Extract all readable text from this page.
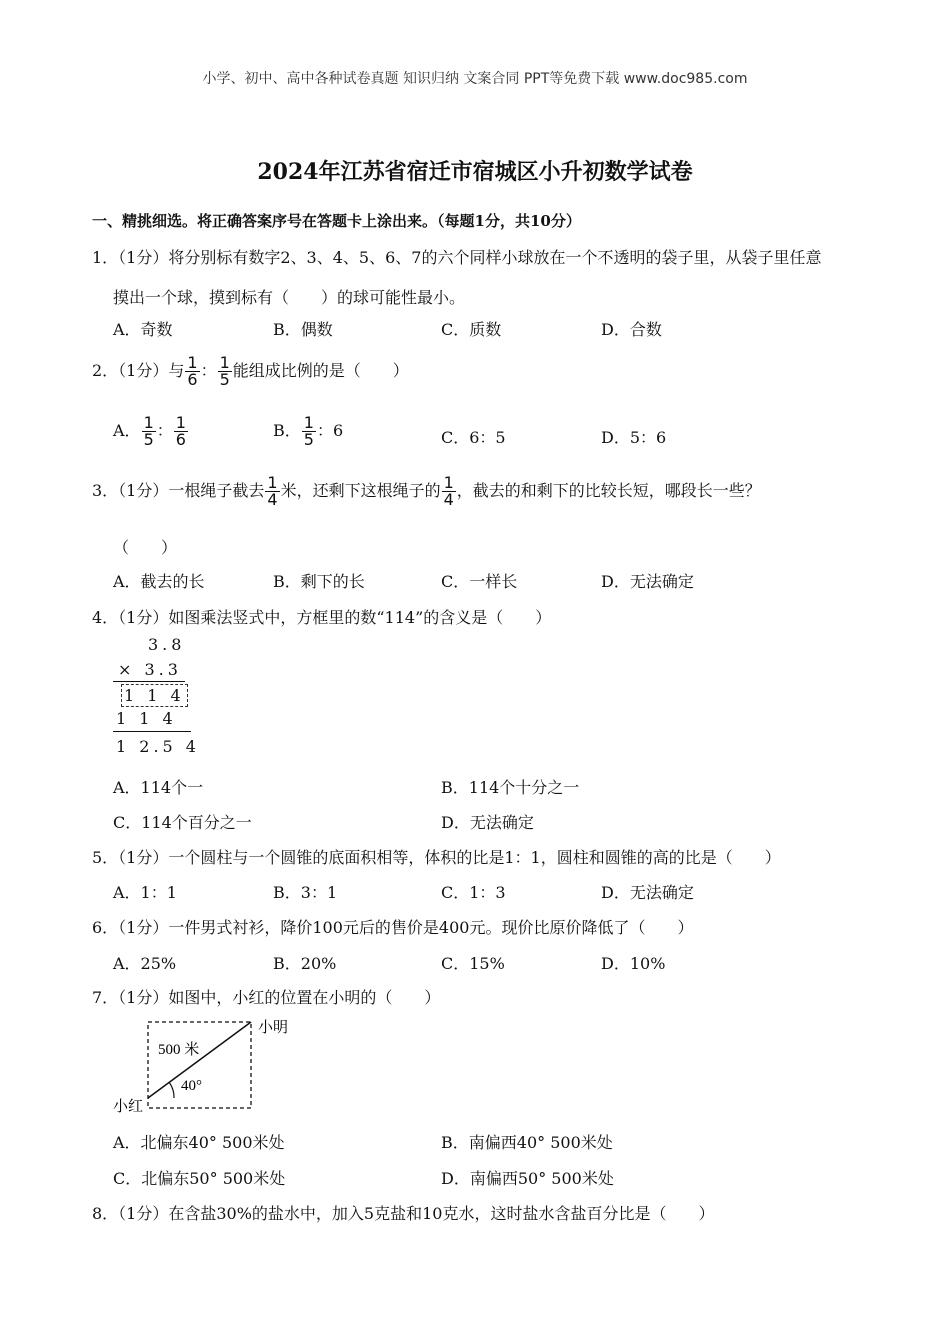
小学、初中、高中各种试卷真题 知识归纳 文案合同 PPT等免费下载 www.doc985.com
2024年江苏省宿迁市宿城区小升初数学试卷
一、精挑细选。将正确答案序号在答题卡上涂出来。（每题1分，共10分）
1．（1分）将分别标有数字2、3、4、5、6、7的六个同样小球放在一个不透明的袋子里，从袋子里任意
摸出一个球，摸到标有（　　）的球可能性最小。
A．奇数	B．偶数	C．质数	D．合数
2．（1分）与 $\frac{1}{6}$ ： $\frac{1}{5}$ 能组成比例的是（　　）
A． $\frac{1}{5}$ ： $\frac{1}{6}$	B． $\frac{1}{5}$ ：6	C．6：5	D．5：6
3．（1分）一根绳子截去 $\frac{1}{4}$ 米，还剩下这根绳子的 $\frac{1}{4}$ ，截去的和剩下的比较长短，哪段长一些？
（　　）
A．截去的长	B．剩下的长	C．一样长	D．无法确定
4．（1分）如图乘法竖式中，方框里的数“114”的含义是（　　）
3.8
× 3.3
1 1 4
1 1 4
1 2.5 4
A．114个一	B．114个十分之一
C．114个百分之一	D．无法确定
5．（1分）一个圆柱与一个圆锥的底面积相等，体积的比是1：1，圆柱和圆锥的高的比是（　　）
A．1：1	B．3：1	C．1：3	D．无法确定
6．（1分）一件男式衬衫，降价100元后的售价是400元。现价比原价降低了（　　）
A．25%	B．20%	C．15%	D．10%
7．（1分）如图中，小红的位置在小明的（　　）
500 米
40°
小明
小红
A．北偏东40° 500米处	B．南偏西40° 500米处
C．北偏东50° 500米处	D．南偏西50° 500米处
8．（1分）在含盐30%的盐水中，加入5克盐和10克水，这时盐水含盐百分比是（　　）
